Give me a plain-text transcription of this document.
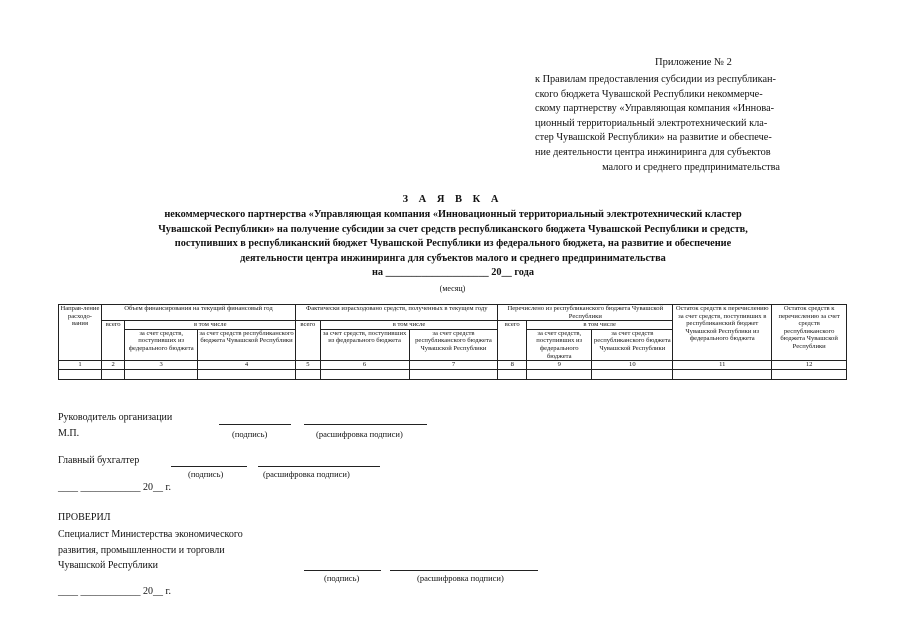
Приложение № 2
к Правилам предоставления субсидии из республикан-
ского бюджета Чувашской Республики некоммерче-
скому партнерству «Управляющая компания «Иннова-
ционный территориальный электротехнический кла-
стер Чувашской Республики» на развитие и обеспече-
ние деятельности центра инжиниринга для субъектов
малого и среднего предпринимательства
З А Я В К А
некоммерческого партнерства «Управляющая компания «Инновационный территориальный электротехнический кластер
Чувашской Республики» на получение субсидии за счет средств республиканского бюджета Чувашской Республики и средств,
поступивших в республиканский бюджет Чувашской Республики из федерального бюджета, на развитие и обеспечение
деятельности центра инжиниринга для субъектов малого и среднего предпринимательства
на ____________________ 20__ года
(месяц)
Направ-ление расходо-вания	Объем финансирования на текущий финансовый год			Фактически израсходовано средств, полученных в текущем году			Перечислено из республиканского бюджета Чувашской Республики			Остаток средств к перечислению за счет средств, поступивших в республиканский бюджет Чувашской Республики из федерального бюджета	Остаток средств к перечислению за счет средств республиканского бюджета Чувашской Республики
	всего	в том числе		всего	в том числе		всего	в том числе			
		за счет средств, поступивших из федерального бюджета	за счет средств республиканского бюджета Чувашской Республики		за счет средств, поступивших из федерального бюджета	за счет средств республиканского бюджета Чувашской Республики		за счет средств, поступивших из федерального бюджета	за счет средств республиканского бюджета Чувашской Республики		
1	2	3	4	5	6	7	8	9	10	11	12

Руководитель организации
М.П.	(подпись)	(расшифровка подписи)
Главный бухгалтер
(подпись)	(расшифровка подписи)
____ ____________ 20__ г.
ПРОВЕРИЛ
Специалист Министерства экономического
развития, промышленности и торговли
Чувашской Республики
(подпись)	(расшифровка подписи)
____ ____________ 20__ г.
